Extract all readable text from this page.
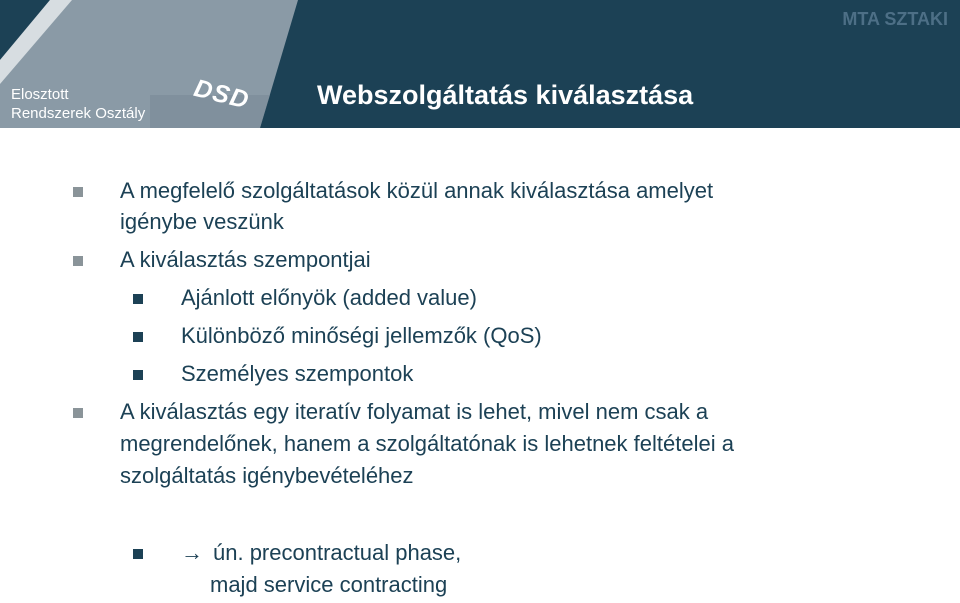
Elosztott
Rendszerek Osztály DSD
MTA SZTAKI
Webszolgáltatás kiválasztása
A megfelelő szolgáltatások közül annak kiválasztása amelyet
igénybe veszünk
A kiválasztás szempontjai
Ajánlott előnyök (added value)
Különböző minőségi jellemzők (QoS)
Személyes szempontok
A kiválasztás egy iteratív folyamat is lehet, mivel nem csak a
megrendelőnek, hanem a szolgáltatónak is lehetnek feltételei a
szolgáltatás igénybevételéhez
→ ún. precontractual phase,
majd service contracting
